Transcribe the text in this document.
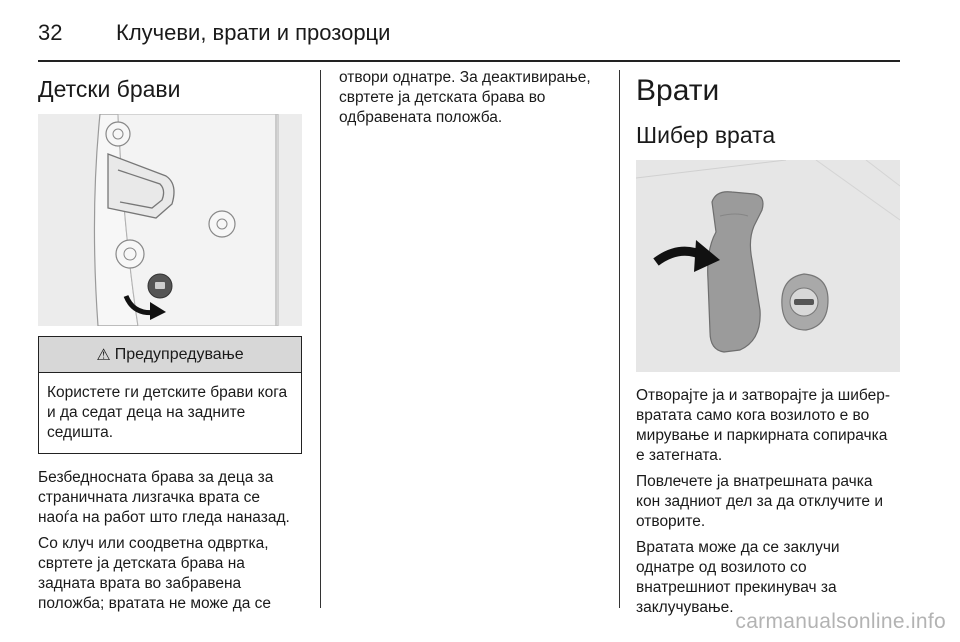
32 Клучеви, врати и прозорци
Детски брави
⚠ Предупредување
Користете ги детските брави кога и да седат деца на задните седишта.

Безбедносната брава за деца за страничната лизгачка врата се наоѓа на работ што гледа наназад.

Со клуч или соодветна одвртка, свртете ја детската брава на задната врата во забравена положба; вратата не може да се

отвори однатре. За деактивирање, свртете ја детската брава во одбравената положба.

Врати
Шибер врата

Отворајте ја и затворајте ја шибер-вратата само кога возилото е во мирување и паркирната сопирачка е затегната.

Повлечете ја внатрешната рачка кон задниот дел за да отклучите и отворите.

Вратата може да се заклучи однатре од возилото со внатрешниот прекинувач за заклучување.

carmanualsonline.info
